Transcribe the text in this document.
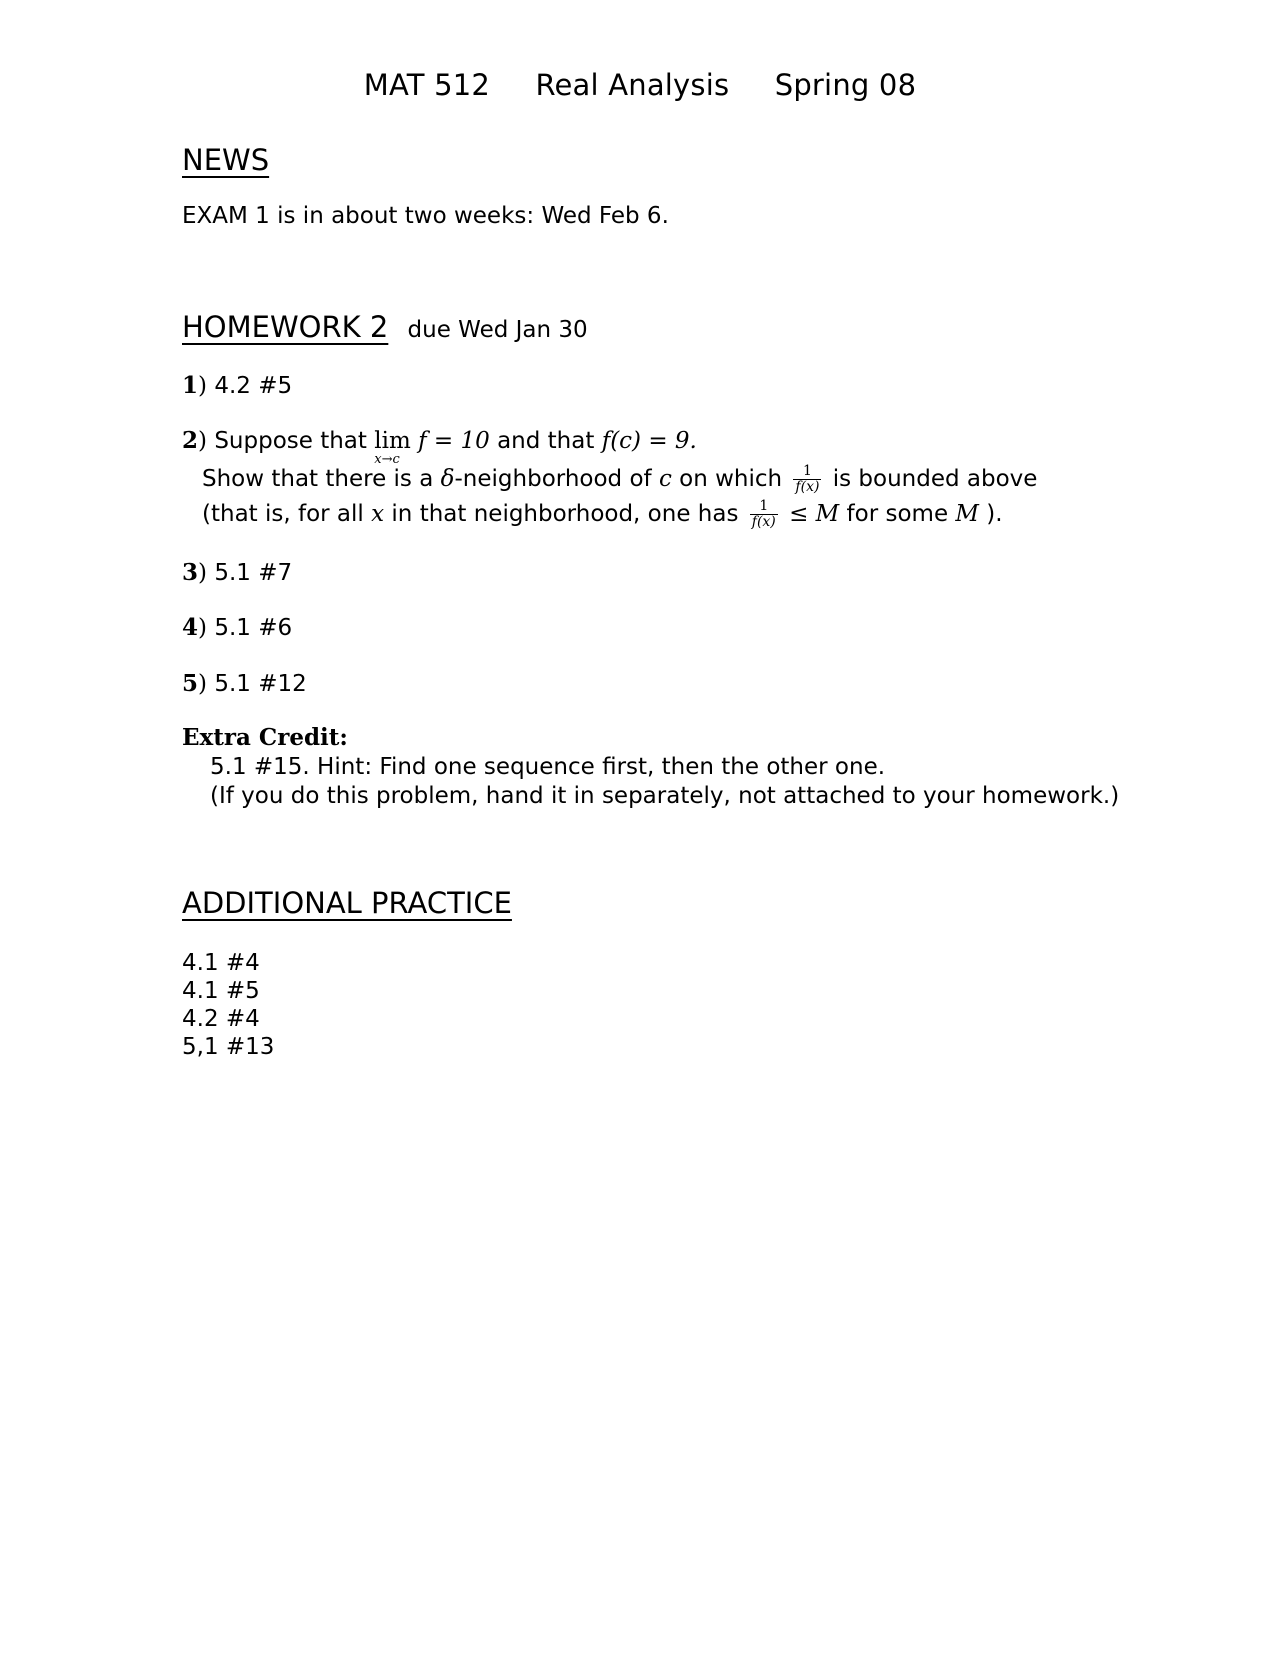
MAT 512 Real Analysis Spring 08
NEWS
EXAM 1 is in about two weeks: Wed Feb 6.
HOMEWORK 2 due Wed Jan 30
1) 4.2 #5
2) Suppose that lim
x→c
f = 10 and that f(c) = 9.
Show that there is a δ-neighborhood of c on which $\frac{1}{f(x)}$ is bounded above
(that is, for all x in that neighborhood, one has $\frac{1}{f(x)} \le M$ for some M ).
3) 5.1 #7
4) 5.1 #6
5) 5.1 #12
Extra Credit:
5.1 #15. Hint: Find one sequence first, then the other one.
(If you do this problem, hand it in separately, not attached to your homework.)
ADDITIONAL PRACTICE
4.1 #4
4.1 #5
4.2 #4
5,1 #13
